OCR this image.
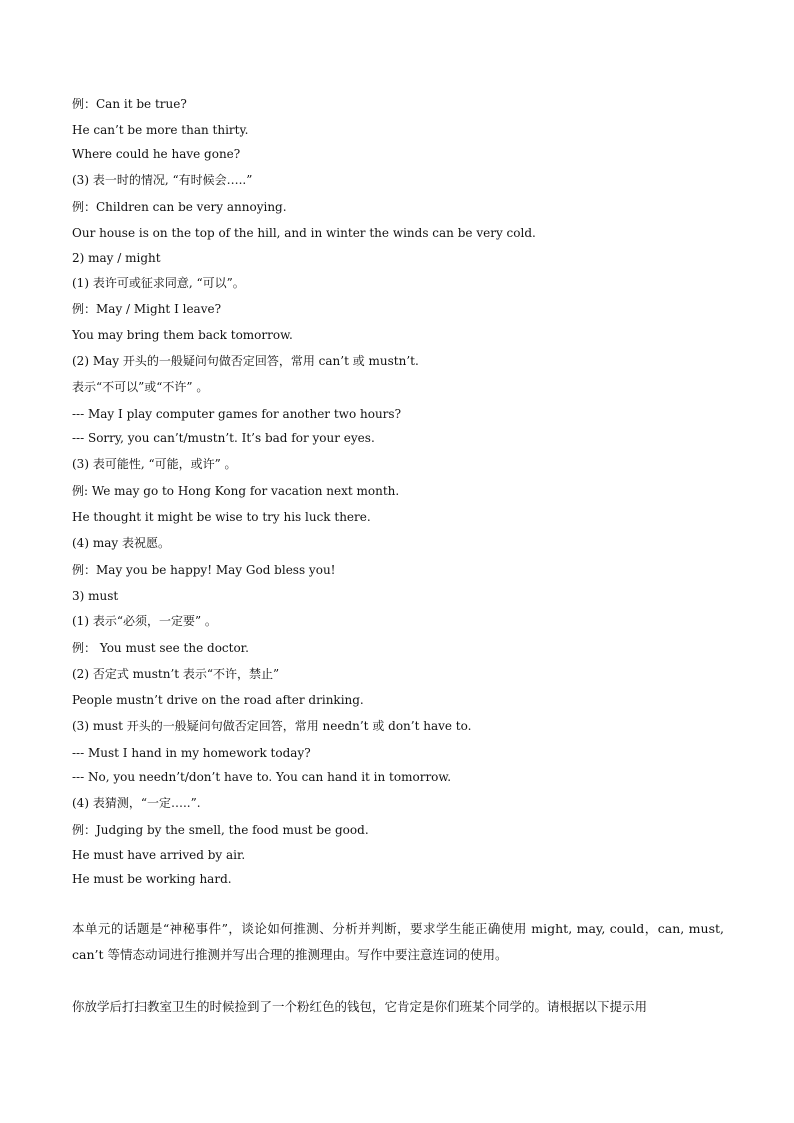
例：Can it be true?
He can’t be more than thirty.
Where could he have gone?
(3) 表一时的情况, “有时候会…..”
例：Children can be very annoying.
Our house is on the top of the hill, and in winter the winds can be very cold.
2) may / might
(1) 表许可或征求同意, “可以”。
例：May / Might I leave?
You may bring them back tomorrow.
(2) May 开头的一般疑问句做否定回答，常用 can’t 或 mustn’t.
表示“不可以”或“不许” 。
--- May I play computer games for another two hours?
--- Sorry, you can’t/mustn’t. It’s bad for your eyes.
(3) 表可能性, “可能，或许” 。
例: We may go to Hong Kong for vacation next month.
He thought it might be wise to try his luck there.
(4) may 表祝愿。
例：May you be happy! May God bless you!
3) must
(1) 表示“必须，一定要” 。
例： You must see the doctor.
(2) 否定式 mustn’t 表示“不许，禁止”
People mustn’t drive on the road after drinking.
(3) must 开头的一般疑问句做否定回答，常用 needn’t 或 don’t have to.
--- Must I hand in my homework today?
--- No, you needn’t/don’t have to. You can hand it in tomorrow.
(4) 表猜测，“一定…..”.
例：Judging by the smell, the food must be good.
He must have arrived by air.
He must be working hard.
本单元的话题是“神秘事件”，谈论如何推测、分析并判断，要求学生能正确使用 might, may, could，can, must, can’t 等情态动词进行推测并写出合理的推测理由。写作中要注意连词的使用。
你放学后打扫教室卫生的时候捡到了一个粉红色的钱包，它肯定是你们班某个同学的。请根据以下提示用
